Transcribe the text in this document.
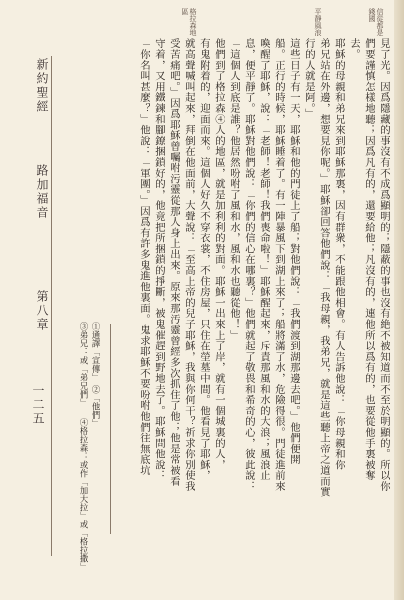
信從都是
錢國
平靜風浪
格拉森地
區
見了光。因爲隱藏的事沒有不成爲顯明的；隱蔽的事也沒有絶不被知道而不至於明顯的。所以你
們要謹慎怎樣地聽；因爲凡有的，還要給他；凡沒有的，連他所以爲有的，也要從他手裏被奪
去。
耶穌的母親和弟兄來到耶穌那裏，因有群衆，不能跟他相會。有人告訴他說：「你母親和你
弟兄站在外邊，想要見你呢。」耶穌卻回答他們說：「我母親，我弟兄，就是這些聽上帝之道而實
行的人就是阿。」
這些日子有一天，耶穌和他的門徒上了船；對他們說：「我們渡到湖那邊去吧。」他們便開
船。正行的時候，耶穌睡着了。有一陣暴風下到湖上來了；船將滿了水，危險得很。門徒進前來
喚醒了耶穌，說：「老師！老師！我們喪命啦！」耶穌醒起來，斥責那風和水的大浪；風浪止
息，便平靜了。耶穌對他們說：「你們的信心在哪裏？」他們就起了敬畏和希奇的心，彼此說：
「這個人到底是誰？他居然吩咐了風和水，風和水也聽從他！」
他們到了格拉森④人的地區，就是加利利的對面。耶穌一出來上了岸，就有一個城裏的人，
有鬼附着的，迎面而來。這個人好久不穿衣裳，不住房屋，只住在塋墓中間。他看見了耶穌，
就高聲喊叫起來，拜倒在他面前，大聲說：「至高上帝的兒子耶穌，我與你何干？祈求你別使我
受苦痛吧。」因爲耶穌曾囑咐污靈從那人身上出來。原來那汚靈曾經多次抓住了他；他是常被看
守着，又用鐵鍊和腳鐐捆鎖好的，他竟把所捆鎖的掙斷，被鬼催趕到野地去了。耶穌問他說：
「你名叫甚麼？」他說：「軍團。」因爲有許多鬼進他裏面。鬼求耶穌不要吩咐他們往無底坑
①通譯「宣傳」
②「他們」
③弟兄：或「弟兄們」
④格拉森：或作「加大拉」或「格拉撒」
新約聖經
路加福音
第八章
一二五
